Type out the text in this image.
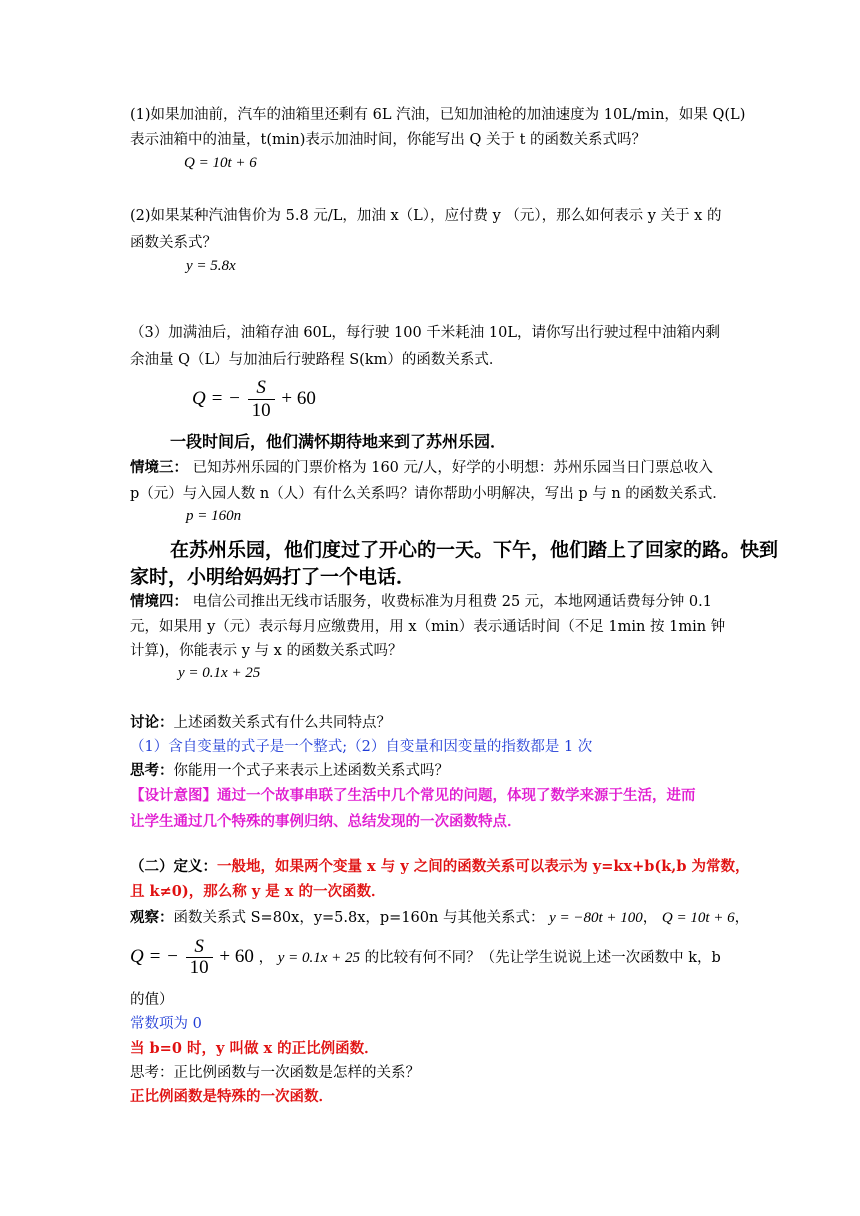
(1)如果加油前，汽车的油箱里还剩有 6L 汽油，已知加油枪的加油速度为 10L/min，如果 Q(L)
表示油箱中的油量，t(min)表示加油时间，你能写出 Q 关于 t 的函数关系式吗？
Q = 10t + 6
(2)如果某种汽油售价为 5.8 元/L，加油 x（L），应付费 y （元），那么如何表示 y 关于 x 的
函数关系式？
y = 5.8x
（3）加满油后，油箱存油 60L，每行驶 100 千米耗油 10L，请你写出行驶过程中油箱内剩
余油量 Q（L）与加油后行驶路程 S(km）的函数关系式．
Q = − $\frac{S}{10} + 60$
一段时间后，他们满怀期待地来到了苏州乐园．
情境三： 已知苏州乐园的门票价格为 160 元/人，好学的小明想：苏州乐园当日门票总收入
p（元）与入园人数 n（人）有什么关系吗？请你帮助小明解决，写出 p 与 n 的函数关系式．
p = 160n
在苏州乐园，他们度过了开心的一天。下午，他们踏上了回家的路。快到
家时，小明给妈妈打了一个电话．
情境四： 电信公司推出无线市话服务，收费标准为月租费 25 元，本地网通话费每分钟 0.1
元，如果用 y（元）表示每月应缴费用，用 x（min）表示通话时间（不足 1min 按 1min 钟
计算)，你能表示 y 与 x 的函数关系式吗？
y = 0.1x + 25
讨论：上述函数关系式有什么共同特点？
（1）含自变量的式子是一个整式;（2）自变量和因变量的指数都是 1 次
思考：你能用一个式子来表示上述函数关系式吗？
【设计意图】通过一个故事串联了生活中几个常见的问题，体现了数学来源于生活，进而
让学生通过几个特殊的事例归纳、总结发现的一次函数特点．
（二）定义：一般地，如果两个变量 x 与 y 之间的函数关系可以表示为 y=kx+b(k,b 为常数，
且 k≠0)，那么称 y 是 x 的一次函数．
观察：函数关系式 S=80x，y=5.8x，p=160n 与其他关系式： y = −80t + 100， Q = 10t + 6，
Q = − $\frac{S}{10} + 60$ ， y = 0.1x + 25 的比较有何不同？（先让学生说说上述一次函数中 k，b
的值）
常数项为 0
当 b=0 时，y 叫做 x 的正比例函数．
思考：正比例函数与一次函数是怎样的关系？
正比例函数是特殊的一次函数．
